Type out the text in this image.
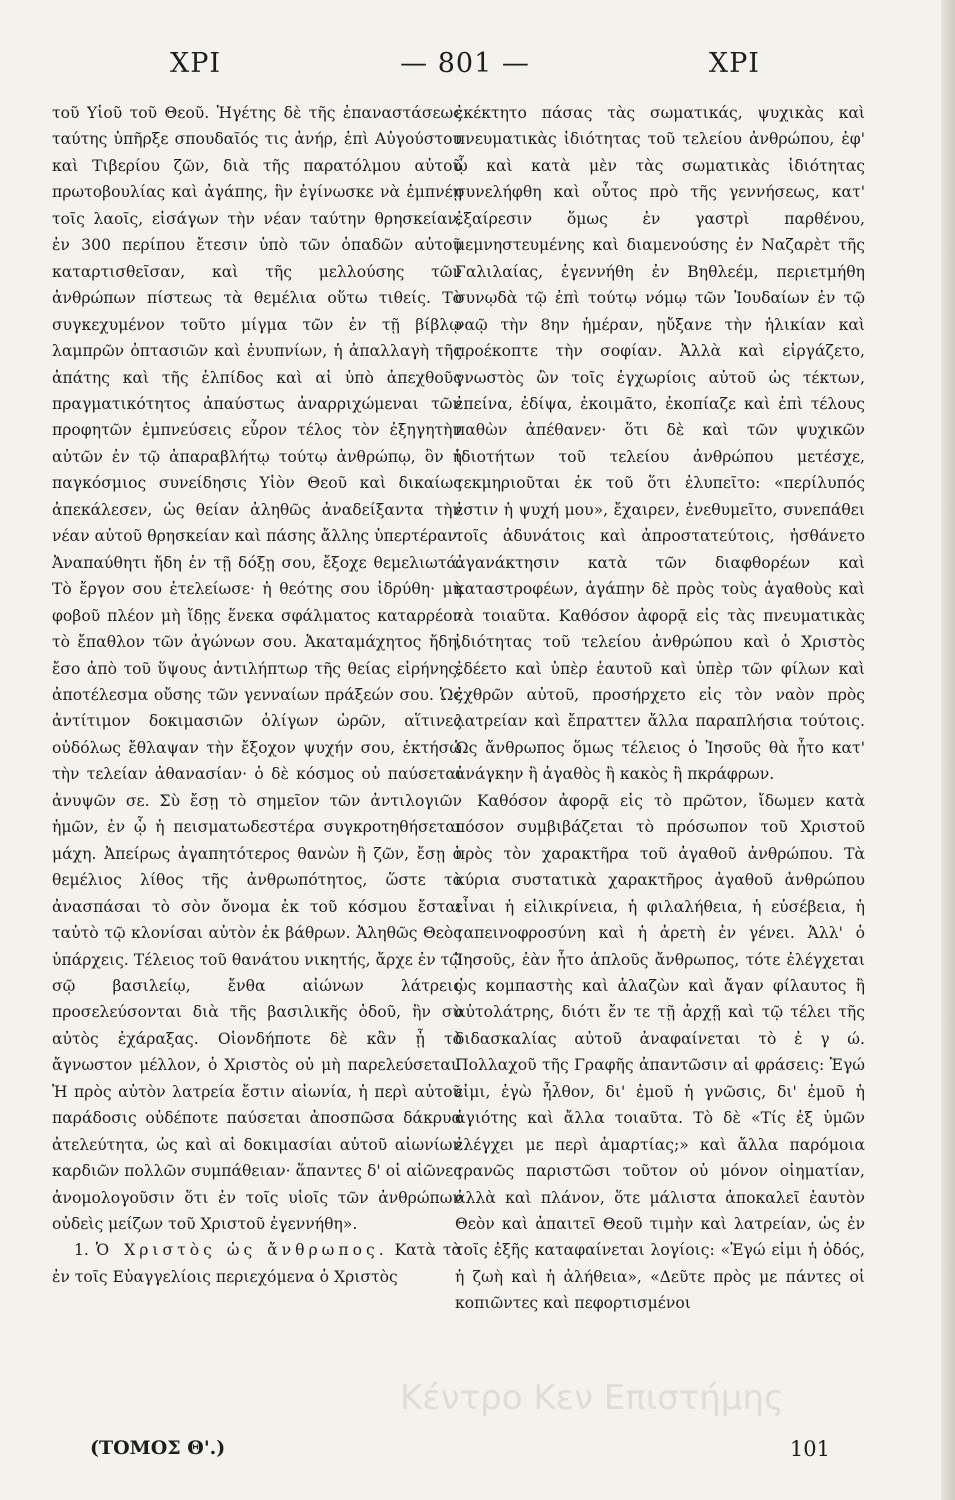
ΧΡΙ	— 801 —	ΧΡΙ

τοῦ Υἱοῦ τοῦ Θεοῦ. Ἡγέτης δὲ τῆς ἐπαναστάσεως ταύτης ὑπῆρξε σπουδαῖός τις ἀνήρ, ἐπὶ Αὐγούστου καὶ Τιβερίου ζῶν, διὰ τῆς παρατόλμου αὐτοῦ πρωτοβουλίας καὶ ἀγάπης, ἣν ἐγίνωσκε νὰ ἐμπνέῃ τοῖς λαοῖς, εἰσάγων τὴν νέαν ταύτην θρησκείαν, ἐν 300 περίπου ἔτεσιν ὑπὸ τῶν ὀπαδῶν αὐτοῦ καταρτισθεῖσαν, καὶ τῆς μελλούσης τῶν ἀνθρώπων πίστεως τὰ θεμέλια οὕτω τιθείς. Τὸ συγκεχυμένον τοῦτο μίγμα τῶν ἐν τῇ βίβλῳ λαμπρῶν ὀπτασιῶν καὶ ἐνυπνίων, ἡ ἀπαλλαγὴ τῆς ἀπάτης καὶ τῆς ἐλπίδος καὶ αἱ ὑπὸ ἀπεχθοῦς πραγματικότητος ἀπαύστως ἀναρριχώμεναι τῶν προφητῶν ἐμπνεύσεις εὗρον τέλος τὸν ἐξηγητὴν αὐτῶν ἐν τῷ ἀπαραβλήτῳ τούτῳ ἀνθρώπῳ, ὃν ἡ παγκόσμιος συνείδησις Υἱὸν Θεοῦ καὶ δικαίως ἀπεκάλεσεν, ὡς θείαν ἀληθῶς ἀναδείξαντα τὴν νέαν αὐτοῦ θρησκείαν καὶ πάσης ἄλλης ὑπερτέραν. Ἀναπαύθητι ἤδη ἐν τῇ δόξῃ σου, ἔξοχε θεμελιωτά. Τὸ ἔργον σου ἐτελείωσε· ἡ θεότης σου ἱδρύθη· μὴ φοβοῦ πλέον μὴ ἴδῃς ἕνεκα σφάλματος καταρρέον τὸ ἔπαθλον τῶν ἀγώνων σου. Ἀκαταμάχητος ἤδη, ἔσο ἀπὸ τοῦ ὕψους ἀντιλήπτωρ τῆς θείας εἰρήνης, ἀποτέλεσμα οὔσης τῶν γενναίων πράξεών σου. Ὡς ἀντίτιμον δοκιμασιῶν ὀλίγων ὡρῶν, αἵτινες οὐδόλως ἔθλαψαν τὴν ἔξοχον ψυχήν σου, ἐκτήσω τὴν τελείαν ἀθανασίαν· ὁ δὲ κόσμος οὐ παύσεται ἀνυψῶν σε. Σὺ ἔσῃ τὸ σημεῖον τῶν ἀντιλογιῶν ἡμῶν, ἐν ᾧ ἡ πεισματωδεστέρα συγκροτηθήσεται μάχη. Ἀπείρως ἀγαπητότερος θανὼν ἢ ζῶν, ἔσῃ ὁ θεμέλιος λίθος τῆς ἀνθρωπότητος, ὥστε τὸ ἀνασπάσαι τὸ σὸν ὄνομα ἐκ τοῦ κόσμου ἔσται ταὐτὸ τῷ κλονίσαι αὐτὸν ἐκ βάθρων. Ἀληθῶς Θεὸς ὑπάρχεις. Τέλειος τοῦ θανάτου νικητής, ἄρχε ἐν τῷ σῷ βασιλείῳ, ἔνθα αἰώνων λάτρεις προσελεύσονται διὰ τῆς βασιλικῆς ὁδοῦ, ἣν σὺ αὐτὸς ἐχάραξας. Οἱονδήποτε δὲ κἂν ᾖ τὸ ἄγνωστον μέλλον, ὁ Χριστὸς οὐ μὴ παρελεύσεται. Ἡ πρὸς αὐτὸν λατρεία ἔστιν αἰωνία, ἡ περὶ αὐτοῦ παράδοσις οὐδέποτε παύσεται ἀποσπῶσα δάκρυα ἀτελεύτητα, ὡς καὶ αἱ δοκιμασίαι αὐτοῦ αἰωνίων καρδιῶν πολλῶν συμπάθειαν· ἅπαντες δ' οἱ αἰῶνες ἀνομολογοῦσιν ὅτι ἐν τοῖς υἱοῖς τῶν ἀνθρώπων οὐδεὶς μείζων τοῦ Χριστοῦ ἐγεννήθη».

1. Ὁ Χριστὸς ὡς ἄνθρωπος. Κατὰ τὰ ἐν τοῖς Εὐαγγελίοις περιεχόμενα ὁ Χριστὸς

ἐκέκτητο πάσας τὰς σωματικάς, ψυχικὰς καὶ πνευματικὰς ἰδιότητας τοῦ τελείου ἀνθρώπου, ἐφ' ᾧ καὶ κατὰ μὲν τὰς σωματικὰς ἰδιότητας συνελήφθη καὶ οὗτος πρὸ τῆς γεννήσεως, κατ' ἐξαίρεσιν ὅμως ἐν γαστρὶ παρθένου, μεμνηστευμένης καὶ διαμενούσης ἐν Ναζαρὲτ τῆς Γαλιλαίας, ἐγεννήθη ἐν Βηθλεέμ, περιετμήθη συνῳδὰ τῷ ἐπὶ τούτῳ νόμῳ τῶν Ἰουδαίων ἐν τῷ ναῷ τὴν 8ην ἡμέραν, ηὔξανε τὴν ἡλικίαν καὶ προέκοπτε τὴν σοφίαν. Ἀλλὰ καὶ εἰργάζετο, γνωστὸς ὢν τοῖς ἐγχωρίοις αὐτοῦ ὡς τέκτων, ἐπείνα, ἐδίψα, ἐκοιμᾶτο, ἐκοπίαζε καὶ ἐπὶ τέλους παθὼν ἀπέθανεν· ὅτι δὲ καὶ τῶν ψυχικῶν ἰδιοτήτων τοῦ τελείου ἀνθρώπου μετέσχε, τεκμηριοῦται ἐκ τοῦ ὅτι ἐλυπεῖτο: «περίλυπός ἐστιν ἡ ψυχή μου», ἔχαιρεν, ἐνεθυμεῖτο, συνεπάθει τοῖς ἀδυνάτοις καὶ ἀπροστατεύτοις, ἠσθάνετο ἀγανάκτησιν κατὰ τῶν διαφθορέων καὶ καταστροφέων, ἀγάπην δὲ πρὸς τοὺς ἀγαθοὺς καὶ τὰ τοιαῦτα. Καθόσον ἀφορᾷ εἰς τὰς πνευματικὰς ἰδιότητας τοῦ τελείου ἀνθρώπου καὶ ὁ Χριστὸς ἐδέετο καὶ ὑπὲρ ἑαυτοῦ καὶ ὑπὲρ τῶν φίλων καὶ ἐχθρῶν αὐτοῦ, προσήρχετο εἰς τὸν ναὸν πρὸς λατρείαν καὶ ἔπραττεν ἄλλα παραπλήσια τούτοις. Ὡς ἄνθρωπος ὅμως τέλειος ὁ Ἰησοῦς θὰ ἦτο κατ' ἀνάγκην ἢ ἀγαθὸς ἢ κακὸς ἢ πκράφρων.

Καθόσον ἀφορᾷ εἰς τὸ πρῶτον, ἴδωμεν κατὰ πόσον συμβιβάζεται τὸ πρόσωπον τοῦ Χριστοῦ πρὸς τὸν χαρακτῆρα τοῦ ἀγαθοῦ ἀνθρώπου. Τὰ κύρια συστατικὰ χαρακτῆρος ἀγαθοῦ ἀνθρώπου εἶναι ἡ εἰλικρίνεια, ἡ φιλαλήθεια, ἡ εὐσέβεια, ἡ ταπεινοφροσύνη καὶ ἡ ἀρετὴ ἐν γένει. Ἀλλ' ὁ Ἰησοῦς, ἐὰν ἦτο ἁπλοῦς ἄνθρωπος, τότε ἐλέγχεται ὡς κομπαστὴς καὶ ἀλαζὼν καὶ ἄγαν φίλαυτος ἢ αὐτολάτρης, διότι ἔν τε τῇ ἀρχῇ καὶ τῷ τέλει τῆς διδασκαλίας αὐτοῦ ἀναφαίνεται τὸ ἐ γ ώ. Πολλαχοῦ τῆς Γραφῆς ἀπαντῶσιν αἱ φράσεις: Ἐγώ εἰμι, ἐγὼ ἦλθον, δι' ἐμοῦ ἡ γνῶσις, δι' ἐμοῦ ἡ ἁγιότης καὶ ἄλλα τοιαῦτα. Τὸ δὲ «Τίς ἐξ ὑμῶν ἐλέγχει με περὶ ἁμαρτίας;» καὶ ἄλλα παρόμοια τρανῶς παριστῶσι τοῦτον οὐ μόνον οἰηματίαν, ἀλλὰ καὶ πλάνον, ὅτε μάλιστα ἀποκαλεῖ ἑαυτὸν Θεὸν καὶ ἀπαιτεῖ Θεοῦ τιμὴν καὶ λατρείαν, ὡς ἐν τοῖς ἑξῆς καταφαίνεται λογίοις: «Ἐγώ εἰμι ἡ ὁδός, ἡ ζωὴ καὶ ἡ ἀλήθεια», «Δεῦτε πρὸς με πάντες οἱ κοπιῶντες καὶ πεφορτισμένοι

Κέντρο Κεν Επιστήμης
(ΤΟΜΟΣ Θ'.)	101
